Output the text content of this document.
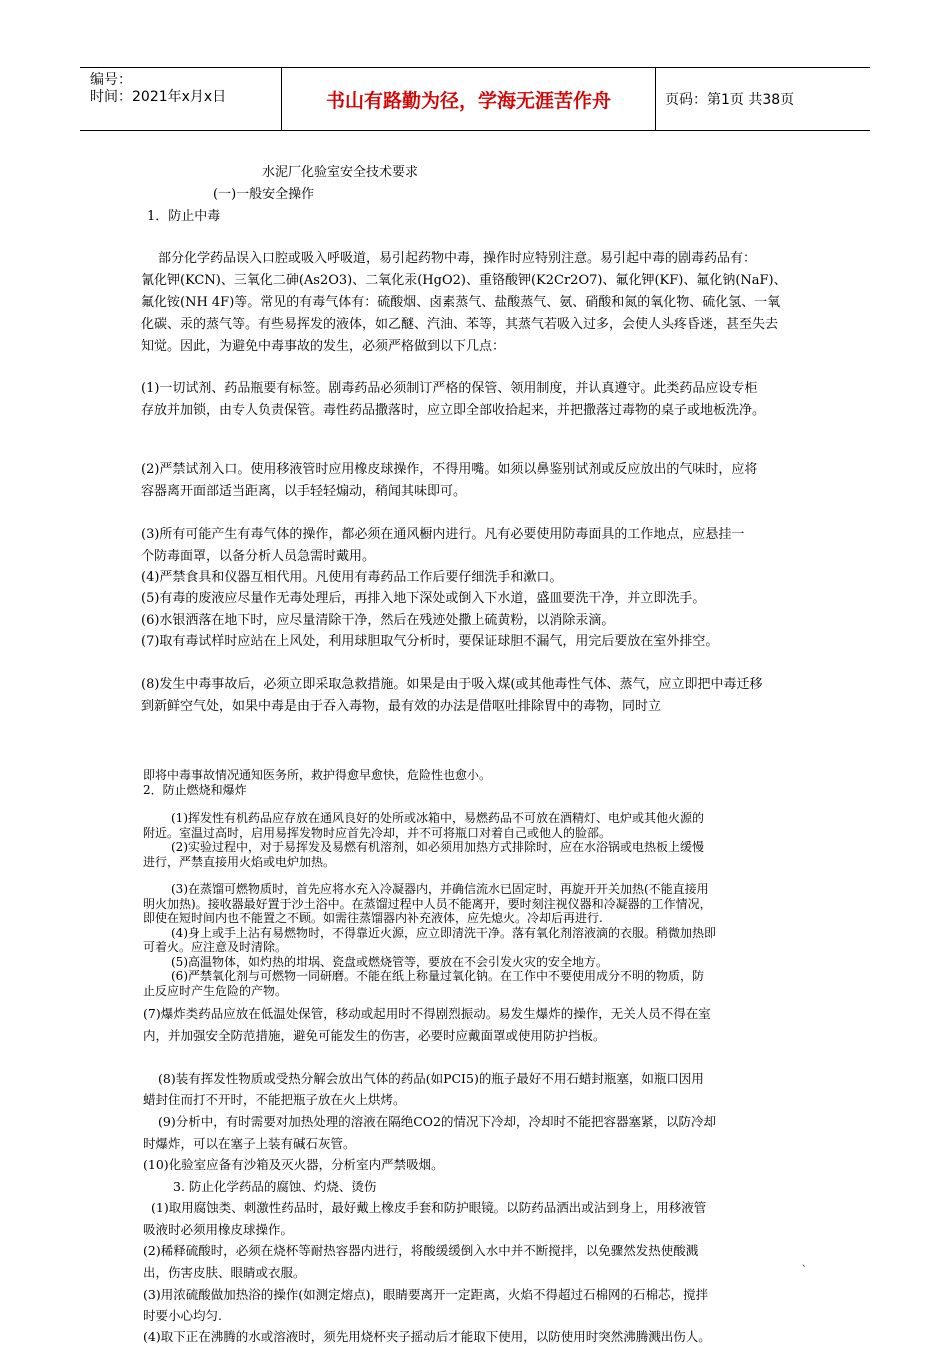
编号：
时间：2021年x月x日	书山有路勤为径，学海无涯苦作舟	页码：第1页 共38页
水泥厂化验室安全技术要求
(一)一般安全操作
1．防止中毒
部分化学药品误入口腔或吸入呼吸道，易引起药物中毒，操作时应特别注意。易引起中毒的剧毒药品有：
氰化钾(KCN)、三氧化二砷(As2O3)、二氧化汞(HgO2)、重铬酸钾(K2Cr2O7)、氟化钾(KF)、氟化钠(NaF)、
氟化铵(NH 4F)等。常见的有毒气体有：硫酸烟、卤素蒸气、盐酸蒸气、氨、硝酸和氮的氧化物、硫化氢、一氧
化碳、汞的蒸气等。有些易挥发的液体，如乙醚、汽油、苯等，其蒸气若吸入过多，会使人头疼昏迷，甚至失去
知觉。因此，为避免中毒事故的发生，必须严格做到以下几点：
(1)一切试剂、药品瓶要有标签。剧毒药品必须制订严格的保管、领用制度，并认真遵守。此类药品应设专柜
存放并加锁，由专人负责保管。毒性药品撒落时，应立即全部收拾起来，并把撒落过毒物的桌子或地板洗净。
(2)严禁试剂入口。使用移液管时应用橡皮球操作，不得用嘴。如须以鼻鉴别试剂或反应放出的气味时，应将
容器离开面部适当距离，以手轻轻煽动，稍闻其味即可。
(3)所有可能产生有毒气体的操作，都必须在通风橱内进行。凡有必要使用防毒面具的工作地点，应悬挂一
个防毒面罩，以备分析人员急需时戴用。
(4)严禁食具和仪器互相代用。凡使用有毒药品工作后要仔细洗手和漱口。
(5)有毒的废液应尽量作无毒处理后，再排入地下深处或倒入下水道，盛皿要洗干净，并立即洗手。
(6)水银洒落在地下时，应尽量清除干净，然后在残迹处撒上硫黄粉，以消除汞滴。
(7)取有毒试样时应站在上风处，利用球胆取气分析时，要保证球胆不漏气，用完后要放在室外排空。
(8)发生中毒事故后，必须立即采取急救措施。如果是由于吸入煤(或其他毒性气体、蒸气，应立即把中毒迁移
到新鲜空气处，如果中毒是由于吞入毒物，最有效的办法是借呕吐排除胃中的毒物，同时立
即将中毒事故情况通知医务所，救护得愈早愈快，危险性也愈小。
2．防止燃烧和爆炸
(1)挥发性有机药品应存放在通风良好的处所或冰箱中，易燃药品不可放在酒精灯、电炉或其他火源的
附近。室温过高时，启用易挥发物时应首先冷却，并不可将瓶口对着自己或他人的脸部。
(2)实验过程中，对于易挥发及易燃有机溶剂，如必须用加热方式排除时，应在水浴锅或电热板上缓慢
进行，严禁直接用火焰或电炉加热。
(3)在蒸馏可燃物质时，首先应将水充入冷凝器内，并确信流水已固定时，再旋开开关加热(不能直接用
明火加热)。接收器最好置于沙土浴中。在蒸馏过程中人员不能离开，要时刻注视仪器和冷凝器的工作情况，
即使在短时间内也不能置之不顾。如需往蒸馏器内补充液体，应先熄火。冷却后再进行.
(4)身上或手上沾有易燃物时，不得靠近火源，应立即清洗干净。落有氧化剂溶液滴的衣服。稍微加热即
可着火。应注意及时清除。
(5)高温物体，如灼热的坩埚、瓷盘或燃烧管等，要放在不会引发火灾的安全地方。
(6)严禁氧化剂与可燃物一同研磨。不能在纸上称量过氧化钠。在工作中不要使用成分不明的物质，防
止反应时产生危险的产物。
(7)爆炸类药品应放在低温处保管，移动或起用时不得剧烈振动。易发生爆炸的操作，无关人员不得在室
内，并加强安全防范措施，避免可能发生的伤害，必要时应戴面罩或使用防护挡板。
(8)装有挥发性物质或受热分解会放出气体的药品(如PCI5)的瓶子最好不用石蜡封瓶塞，如瓶口因用
蜡封住而打不开时，不能把瓶子放在火上烘烤。
(9)分析中，有时需要对加热处理的溶液在隔绝CO2的情况下冷却，冷却时不能把容器塞紧，以防冷却
时爆炸，可以在塞子上装有碱石灰管。
(10)化验室应备有沙箱及灭火器，分析室内严禁吸烟。
3. 防止化学药品的腐蚀、灼烧、烫伤
(1)取用腐蚀类、刺激性药品时，最好戴上橡皮手套和防护眼镜。以防药品洒出或沾到身上，用移液管
吸液时必须用橡皮球操作。
(2)稀释硫酸时，必须在烧杯等耐热容器内进行，将酸缓缓倒入水中并不断搅拌，以免骤然发热使酸溅
出，伤害皮肤、眼睛或衣服。
(3)用浓硫酸做加热浴的操作(如测定熔点)，眼睛要离开一定距离，火焰不得超过石棉网的石棉芯，搅拌
时要小心均匀.
(4)取下正在沸腾的水或溶液时，须先用烧杯夹子摇动后才能取下使用，以防使用时突然沸腾溅出伤人。
、
